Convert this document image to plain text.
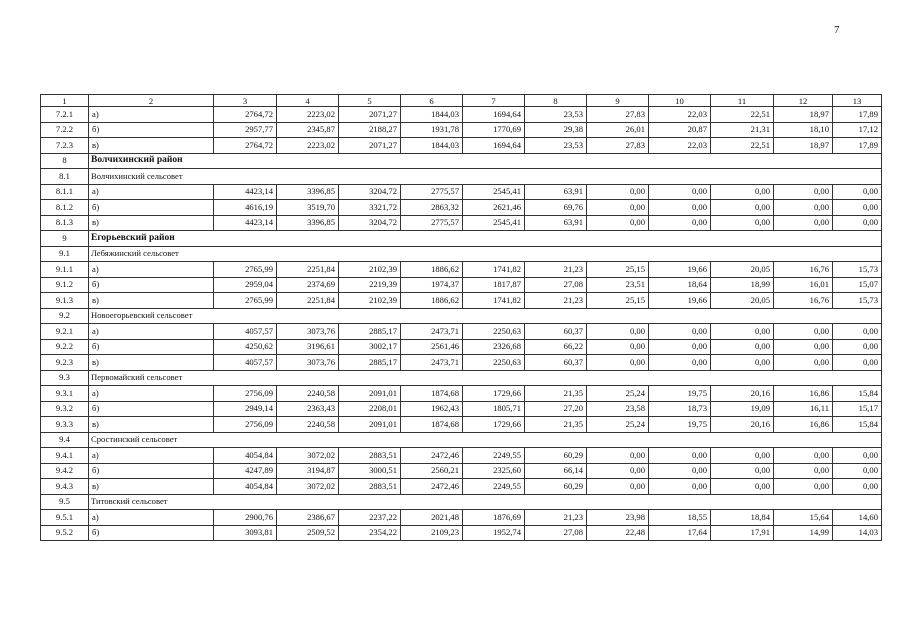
7
1	2	3	4	5	6	7	8	9	10	11	12	13
7.2.1	а)	2764,72	2223,02	2071,27	1844,03	1694,64	23,53	27,83	22,03	22,51	18,97	17,89
7.2.2	б)	2957,77	2345,87	2188,27	1931,78	1770,69	29,38	26,01	20,87	21,31	18,10	17,12
7.2.3	в)	2764,72	2223,02	2071,27	1844,03	1694,64	23,53	27,83	22,03	22,51	18,97	17,89
8	Волчихинский район											
8.1	Волчихинский сельсовет											
8.1.1	а)	4423,14	3396,85	3204,72	2775,57	2545,41	63,91	0,00	0,00	0,00	0,00	0,00
8.1.2	б)	4616,19	3519,70	3321,72	2863,32	2621,46	69,76	0,00	0,00	0,00	0,00	0,00
8.1.3	в)	4423,14	3396,85	3204,72	2775,57	2545,41	63,91	0,00	0,00	0,00	0,00	0,00
9	Егорьевский район											
9.1	Лебяжинский сельсовет											
9.1.1	а)	2765,99	2251,84	2102,39	1886,62	1741,82	21,23	25,15	19,66	20,05	16,76	15,73
9.1.2	б)	2959,04	2374,69	2219,39	1974,37	1817,87	27,08	23,51	18,64	18,99	16,01	15,07
9.1.3	в)	2765,99	2251,84	2102,39	1886,62	1741,82	21,23	25,15	19,66	20,05	16,76	15,73
9.2	Новоегорьевский сельсовет											
9.2.1	а)	4057,57	3073,76	2885,17	2473,71	2250,63	60,37	0,00	0,00	0,00	0,00	0,00
9.2.2	б)	4250,62	3196,61	3002,17	2561,46	2326,68	66,22	0,00	0,00	0,00	0,00	0,00
9.2.3	в)	4057,57	3073,76	2885,17	2473,71	2250,63	60,37	0,00	0,00	0,00	0,00	0,00
9.3	Первомайский сельсовет											
9.3.1	а)	2756,09	2240,58	2091,01	1874,68	1729,66	21,35	25,24	19,75	20,16	16,86	15,84
9.3.2	б)	2949,14	2363,43	2208,01	1962,43	1805,71	27,20	23,58	18,73	19,09	16,11	15,17
9.3.3	в)	2756,09	2240,58	2091,01	1874,68	1729,66	21,35	25,24	19,75	20,16	16,86	15,84
9.4	Сростинский сельсовет											
9.4.1	а)	4054,84	3072,02	2883,51	2472,46	2249,55	60,29	0,00	0,00	0,00	0,00	0,00
9.4.2	б)	4247,89	3194,87	3000,51	2560,21	2325,60	66,14	0,00	0,00	0,00	0,00	0,00
9.4.3	в)	4054,84	3072,02	2883,51	2472,46	2249,55	60,29	0,00	0,00	0,00	0,00	0,00
9.5	Титовский сельсовет											
9.5.1	а)	2900,76	2386,67	2237,22	2021,48	1876,69	21,23	23,98	18,55	18,84	15,64	14,60
9.5.2	б)	3093,81	2509,52	2354,22	2109,23	1952,74	27,08	22,48	17,64	17,91	14,99	14,03
